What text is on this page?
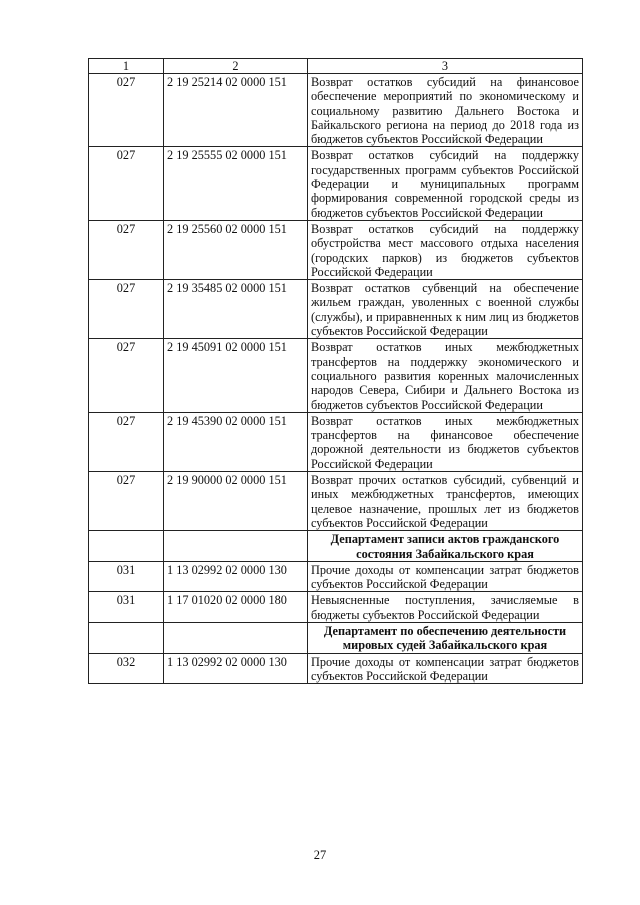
1	2	3
027	2 19 25214 02 0000 151	Возврат остатков субсидий на финансовое обеспечение мероприятий по экономическому и социальному развитию Дальнего Востока и Байкальского региона на период до 2018 года из бюджетов субъектов Российской Федерации
027	2 19 25555 02 0000 151	Возврат остатков субсидий на поддержку государственных программ субъектов Российской Федерации и муниципальных программ формирования современной городской среды из бюджетов субъектов Российской Федерации
027	2 19 25560 02 0000 151	Возврат остатков субсидий на поддержку обустройства мест массового отдыха населения (городских парков) из бюджетов субъектов Российской Федерации
027	2 19 35485 02 0000 151	Возврат остатков субвенций на обеспечение жильем граждан, уволенных с военной службы (службы), и приравненных к ним лиц из бюджетов субъектов Российской Федерации
027	2 19 45091 02 0000 151	Возврат остатков иных межбюджетных трансфертов на поддержку экономического и социального развития коренных малочисленных народов Севера, Сибири и Дальнего Востока из бюджетов субъектов Российской Федерации
027	2 19 45390 02 0000 151	Возврат остатков иных межбюджетных трансфертов на финансовое обеспечение дорожной деятельности из бюджетов субъектов Российской Федерации
027	2 19 90000 02 0000 151	Возврат прочих остатков субсидий, субвенций и иных межбюджетных трансфертов, имеющих целевое назначение, прошлых лет из бюджетов субъектов Российской Федерации
		Департамент записи актов гражданского состояния Забайкальского края
031	1 13 02992 02 0000 130	Прочие доходы от компенсации затрат бюджетов субъектов Российской Федерации
031	1 17 01020 02 0000 180	Невыясненные поступления, зачисляемые в бюджеты субъектов Российской Федерации
		Департамент по обеспечению деятельности мировых судей Забайкальского края
032	1 13 02992 02 0000 130	Прочие доходы от компенсации затрат бюджетов субъектов Российской Федерации
27
